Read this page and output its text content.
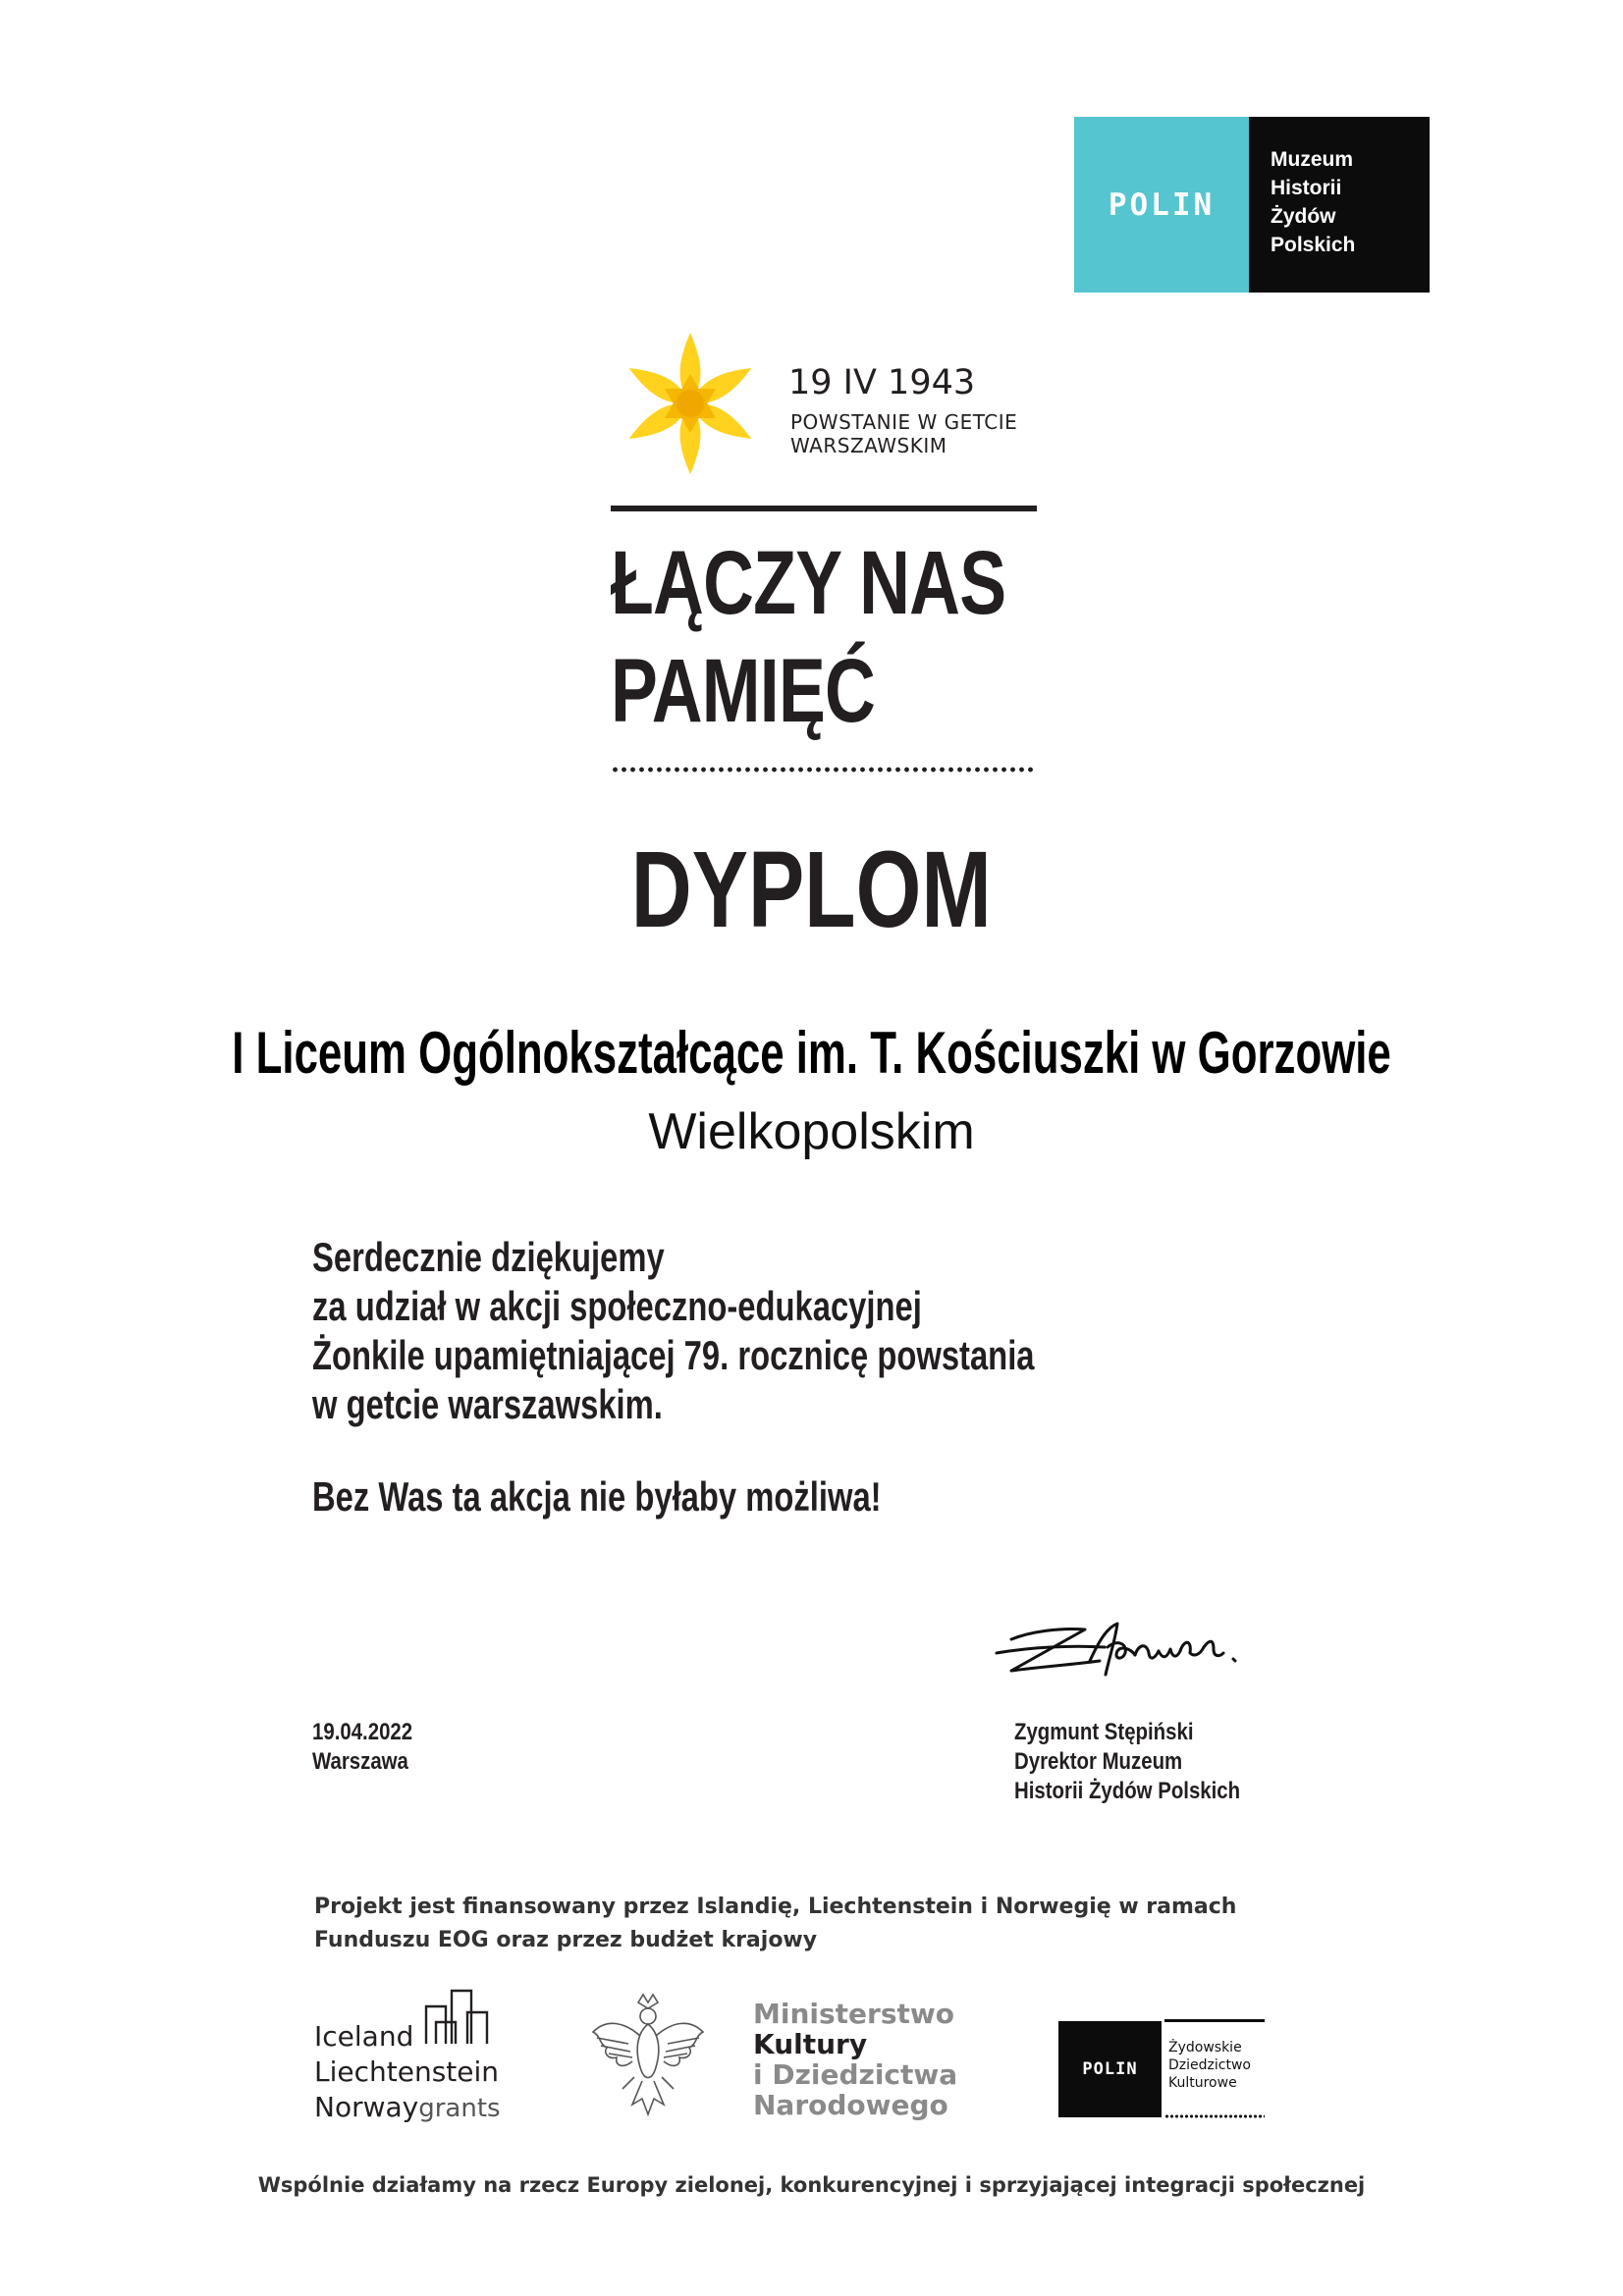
POLIN
Muzeum
Historii
Żydów
Polskich
19 IV 1943
POWSTANIE W GETCIE
WARSZAWSKIM
ŁĄCZY NAS
PAMIĘĆ
DYPLOM
I Liceum Ogólnokształcące im. T. Kościuszki w Gorzowie
Wielkopolskim
Serdecznie dziękujemy
za udział w akcji społeczno-edukacyjnej
Żonkile upamiętniającej 79. rocznicę powstania
w getcie warszawskim.
Bez Was ta akcja nie byłaby możliwa!
19.04.2022
Warszawa
Zygmunt Stępiński
Dyrektor Muzeum
Historii Żydów Polskich
Projekt jest finansowany przez Islandię, Liechtenstein i Norwegię w ramach
Funduszu EOG oraz przez budżet krajowy
Iceland
Liechtenstein
Norwaygrants
Ministerstwo
Kultury
i Dziedzictwa
Narodowego
POLIN
Żydowskie
Dziedzictwo
Kulturowe
Wspólnie działamy na rzecz Europy zielonej, konkurencyjnej i sprzyjającej integracji społecznej
